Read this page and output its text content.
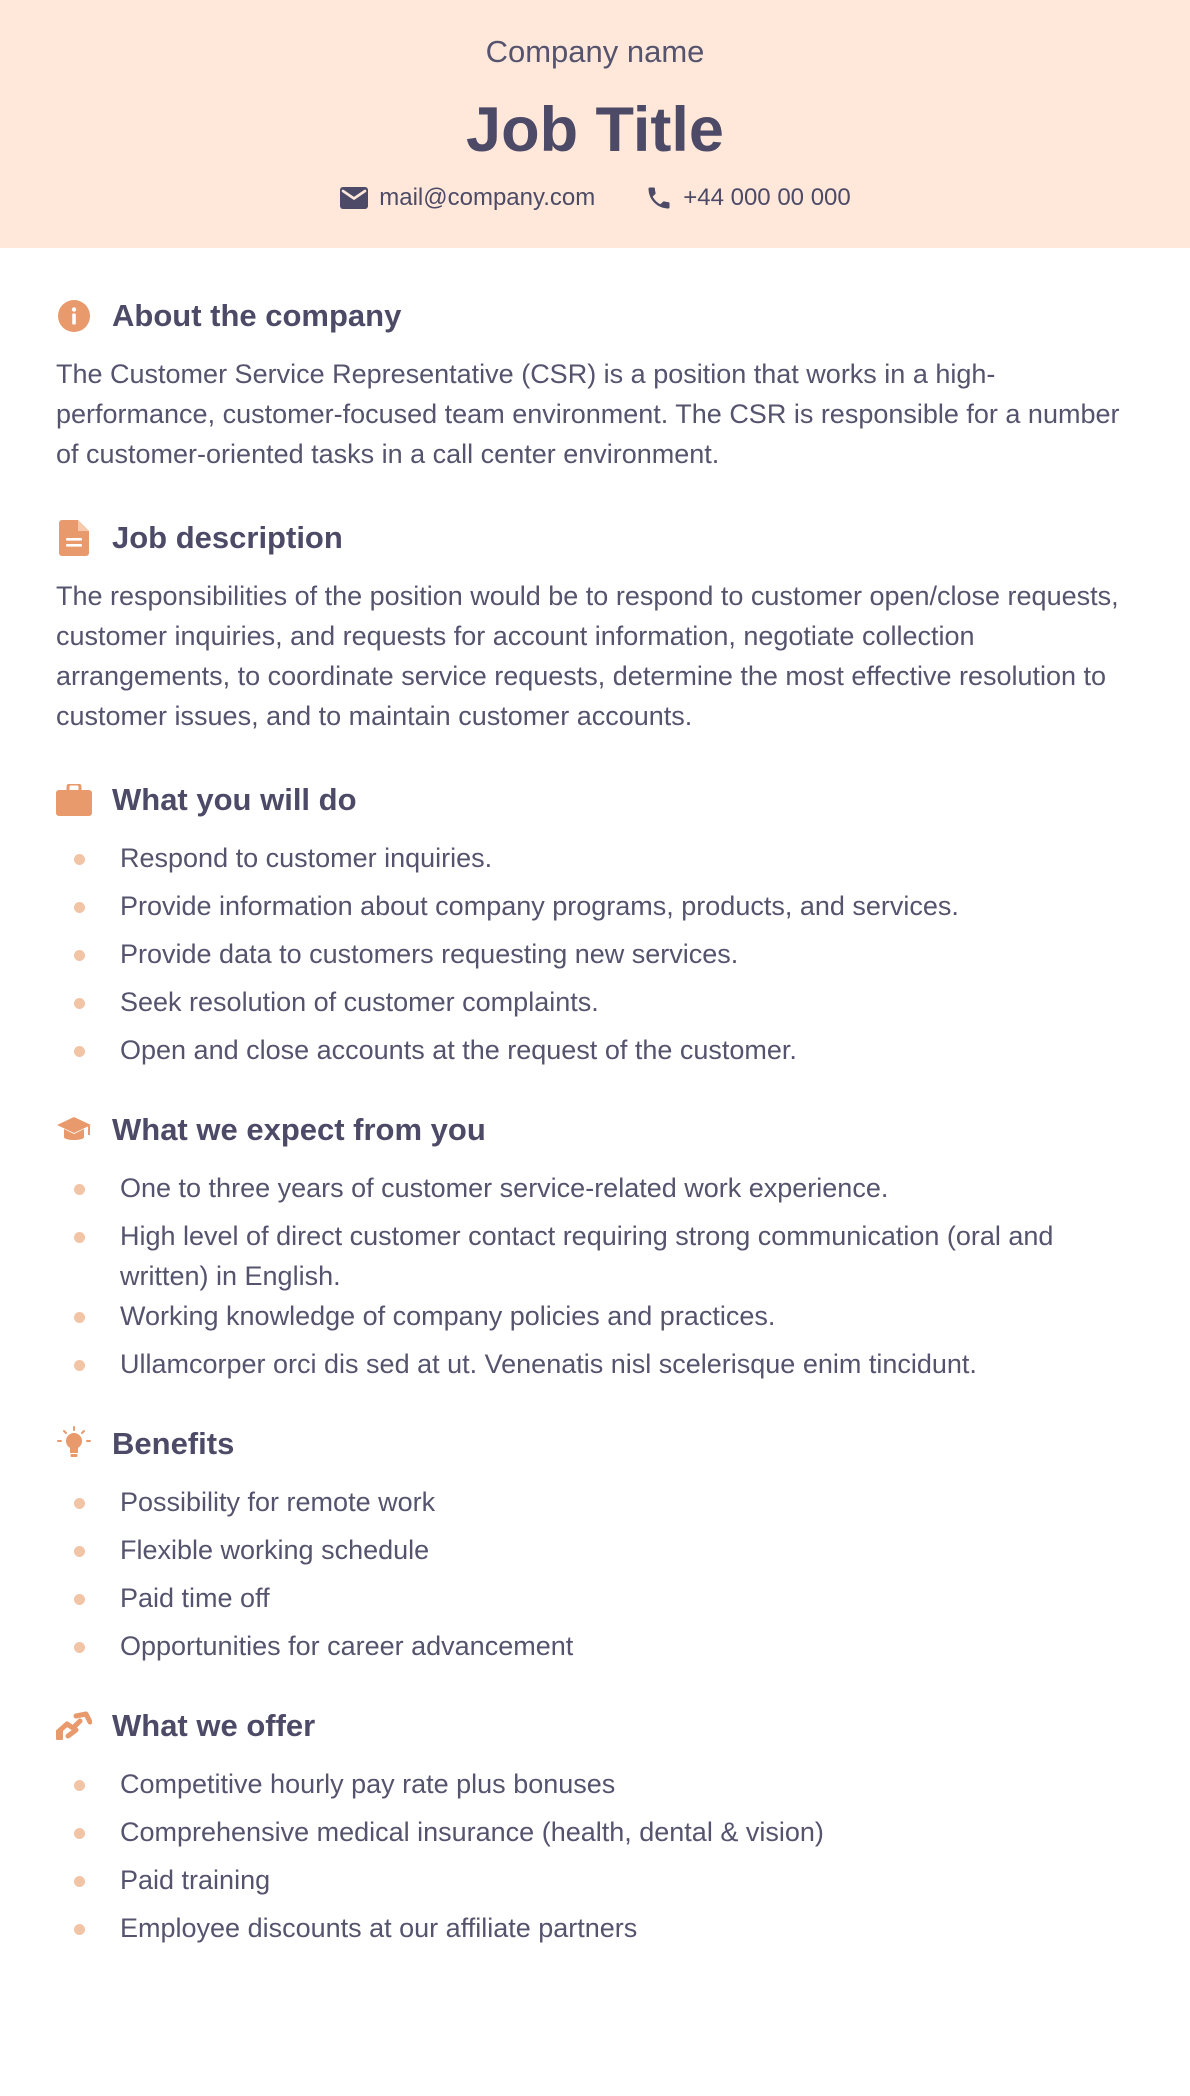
Company name
Job Title
mail@company.com	+44 000 00 000
About the company

The Customer Service Representative (CSR) is a position that works in a high-performance, customer-focused team environment. The CSR is responsible for a number of customer-oriented tasks in a call center environment.

Job description

The responsibilities of the position would be to respond to customer open/close requests, customer inquiries, and requests for account information, negotiate collection arrangements, to coordinate service requests, determine the most effective resolution to customer issues, and to maintain customer accounts.

What you will do
Respond to customer inquiries.
Provide information about company programs, products, and services.
Provide data to customers requesting new services.
Seek resolution of customer complaints.
Open and close accounts at the request of the customer.
What we expect from you
One to three years of customer service-related work experience.
High level of direct customer contact requiring strong communication (oral and written) in English.
Working knowledge of company policies and practices.
Ullamcorper orci dis sed at ut. Venenatis nisl scelerisque enim tincidunt.
Benefits
Possibility for remote work
Flexible working schedule
Paid time off
Opportunities for career advancement
What we offer
Competitive hourly pay rate plus bonuses
Comprehensive medical insurance (health, dental & vision)
Paid training
Employee discounts at our affiliate partners
